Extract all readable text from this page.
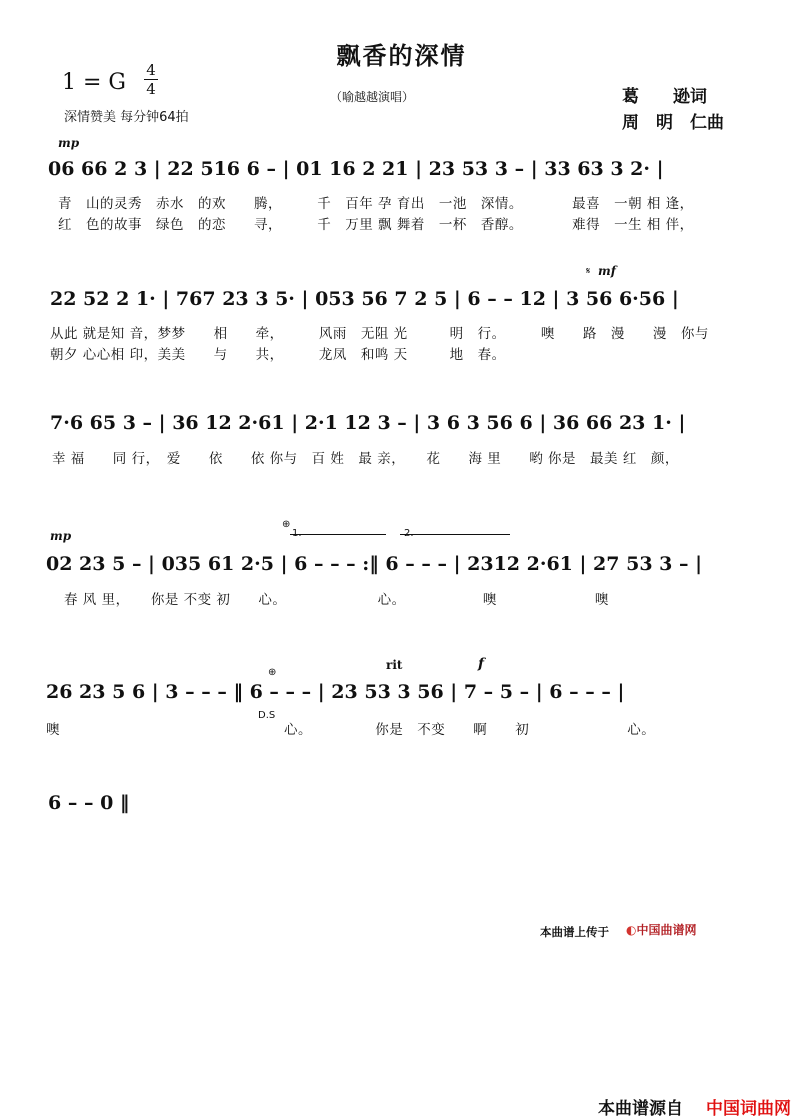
飘香的深情
1 = G 4
4	（喻越越演唱）
深情赞美 每分钟64拍
葛　　逊词
周　明　仁曲
mp
06 66 2 3 | 22 516 6 – | 01 16 2 21 | 23 53 3 – | 33 63 3 2· |
青　山的灵秀　赤水　的欢　　腾，　　　千　百年 孕 育出　一池　深情。　　　　最喜　一朝 相 逢，
红　色的故事　绿色　的恋　　寻，　　　千　万里 飘 舞着　一杯　香醇。　　　　难得　一生 相 伴，
𝄋 mf
22 52 2 1· | 767 23 3 5· | 053 56 7 2 5 | 6 – – 12 | 3 56 6·56 |
从此 就是知 音，梦梦　　相　　牵，　　　风雨　无阻 光　　　明　行。　　　噢　　路　漫　　漫　你与
朝夕 心心相 印，美美　　与　　共，　　　龙凤　和鸣 天　　　地　春。
7·6 65 3 – | 36 12 2·61 | 2·1 12 3 – | 3 6 3 56 6 | 36 66 23 1· |
幸 福　　同 行，　爱　　依　　依 你与　百 姓　最 亲，　　花　　海 里　　哟 你是　最美 红　颜，
mp
⊕
1.	2.
02 23 5 – | 035 61 2·5 | 6 – – – :‖ 6 – – – | 2312 2·61 | 27 53 3 – |
　春 风 里，　　你是 不变 初　　心。　　　　　　　心。　　　　　　噢　　　　　　　噢
rit	f
⊕
26 23 5 6 | 3 – – – ‖ 6 – – – | 23 53 3 56 | 7 – 5 – | 6 – – – |
D.S
噢　　　　　　　　　　　　　　　　心。　　　　　你是　不变　　啊　　初　　　　　　　心。
6 – – 0 ‖
本曲谱上传于 ◐中国曲谱网
本曲谱源自 中国词曲网
